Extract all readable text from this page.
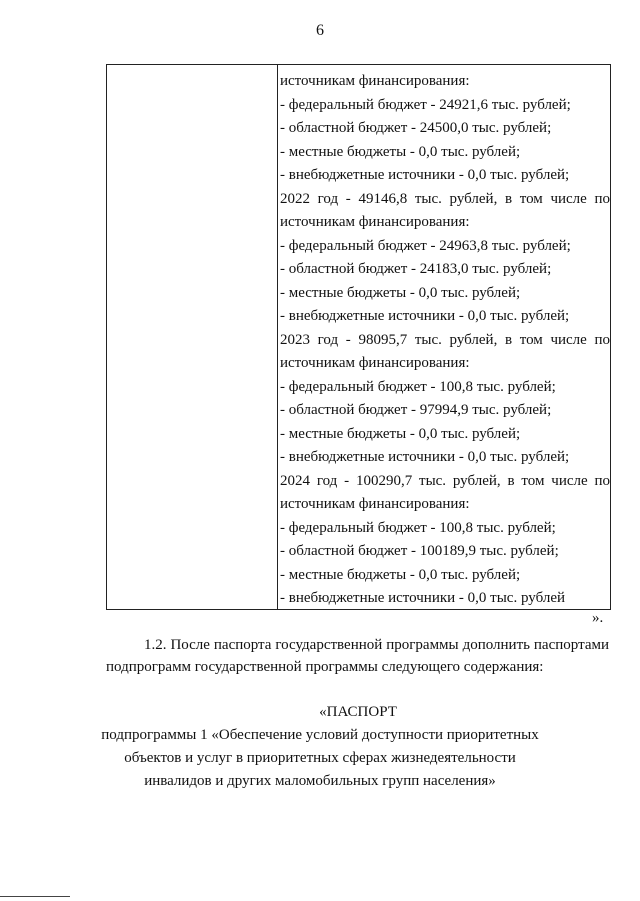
6
источникам финансирования:
- федеральный бюджет - 24921,6 тыс. рублей;
- областной бюджет - 24500,0 тыс. рублей;
- местные бюджеты - 0,0 тыс. рублей;
- внебюджетные источники - 0,0 тыс. рублей;
2022 год - 49146,8 тыс. рублей, в том числе по
источникам финансирования:
- федеральный бюджет - 24963,8 тыс. рублей;
- областной бюджет - 24183,0 тыс. рублей;
- местные бюджеты - 0,0 тыс. рублей;
- внебюджетные источники - 0,0 тыс. рублей;
2023 год - 98095,7 тыс. рублей, в том числе по
источникам финансирования:
- федеральный бюджет - 100,8 тыс. рублей;
- областной бюджет - 97994,9 тыс. рублей;
- местные бюджеты - 0,0 тыс. рублей;
- внебюджетные источники - 0,0 тыс. рублей;
2024 год - 100290,7 тыс. рублей, в том числе по
источникам финансирования:
- федеральный бюджет - 100,8 тыс. рублей;
- областной бюджет - 100189,9 тыс. рублей;
- местные бюджеты - 0,0 тыс. рублей;
- внебюджетные источники - 0,0 тыс. рублей
».

1.2. После паспорта государственной программы дополнить паспортами подпрограмм государственной программы следующего содержания:

«ПАСПОРТ
подпрограммы 1 «Обеспечение условий доступности приоритетных
объектов и услуг в приоритетных сферах жизнедеятельности
инвалидов и других маломобильных групп населения»
